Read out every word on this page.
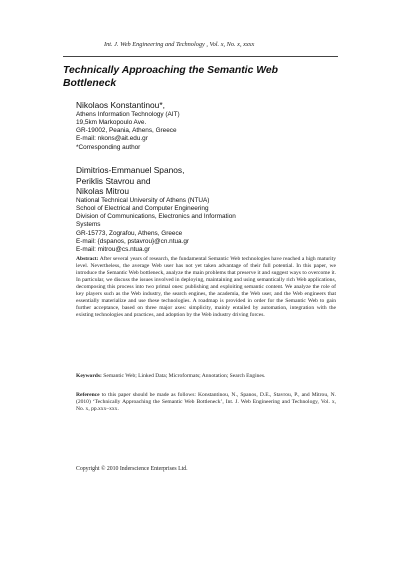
Int. J. Web Engineering and Technology , Vol. x, No. x, xxxx
Technically Approaching the Semantic Web
Bottleneck
Nikolaos Konstantinou*,
Athens Information Technology (AIT)
19,5km Markopoulo Ave.
GR-19002, Peania, Athens, Greece
E-mail: nkons@ait.edu.gr
*Corresponding author
Dimitrios-Emmanuel Spanos,
Periklis Stavrou and
Nikolas Mitrou
National Technical University of Athens (NTUA)
School of Electrical and Computer Engineering
Division of Communications, Electronics and Information
Systems
GR-15773, Zografou, Athens, Greece
E-mail: {dspanos, pstavrou}@cn.ntua.gr
E-mail: mitrou@cs.ntua.gr
Abstract: After several years of research, the fundamental Semantic Web technologies have reached a high maturity level. Nevertheless, the average Web user has not yet taken advantage of their full potential. In this paper, we introduce the Semantic Web bottleneck, analyze the main problems that preserve it and suggest ways to overcome it. In particular, we discuss the issues involved in deploying, maintaining and using semantically rich Web applications, decomposing this process into two primal ones: publishing and exploiting semantic content. We analyze the role of key players such as the Web industry, the search engines, the academia, the Web user, and the Web engineers that essentially materialize and use these technologies. A roadmap is provided in order for the Semantic Web to gain further acceptance, based on three major axes: simplicity, mainly entailed by automation, integration with the existing technologies and practices, and adoption by the Web industry driving forces.
Keywords: Semantic Web; Linked Data; Microformats; Annotation; Search Engines.
Reference to this paper should be made as follows: Konstantinou, N., Spanos, D.E., Stavrou, P., and Mitrou, N. (2010) ‘Technically Approaching the Semantic Web Bottleneck’, Int. J. Web Engineering and Technology, Vol. x, No. x, pp.xxx–xxx.
Copyright © 2010 Inderscience Enterprises Ltd.
